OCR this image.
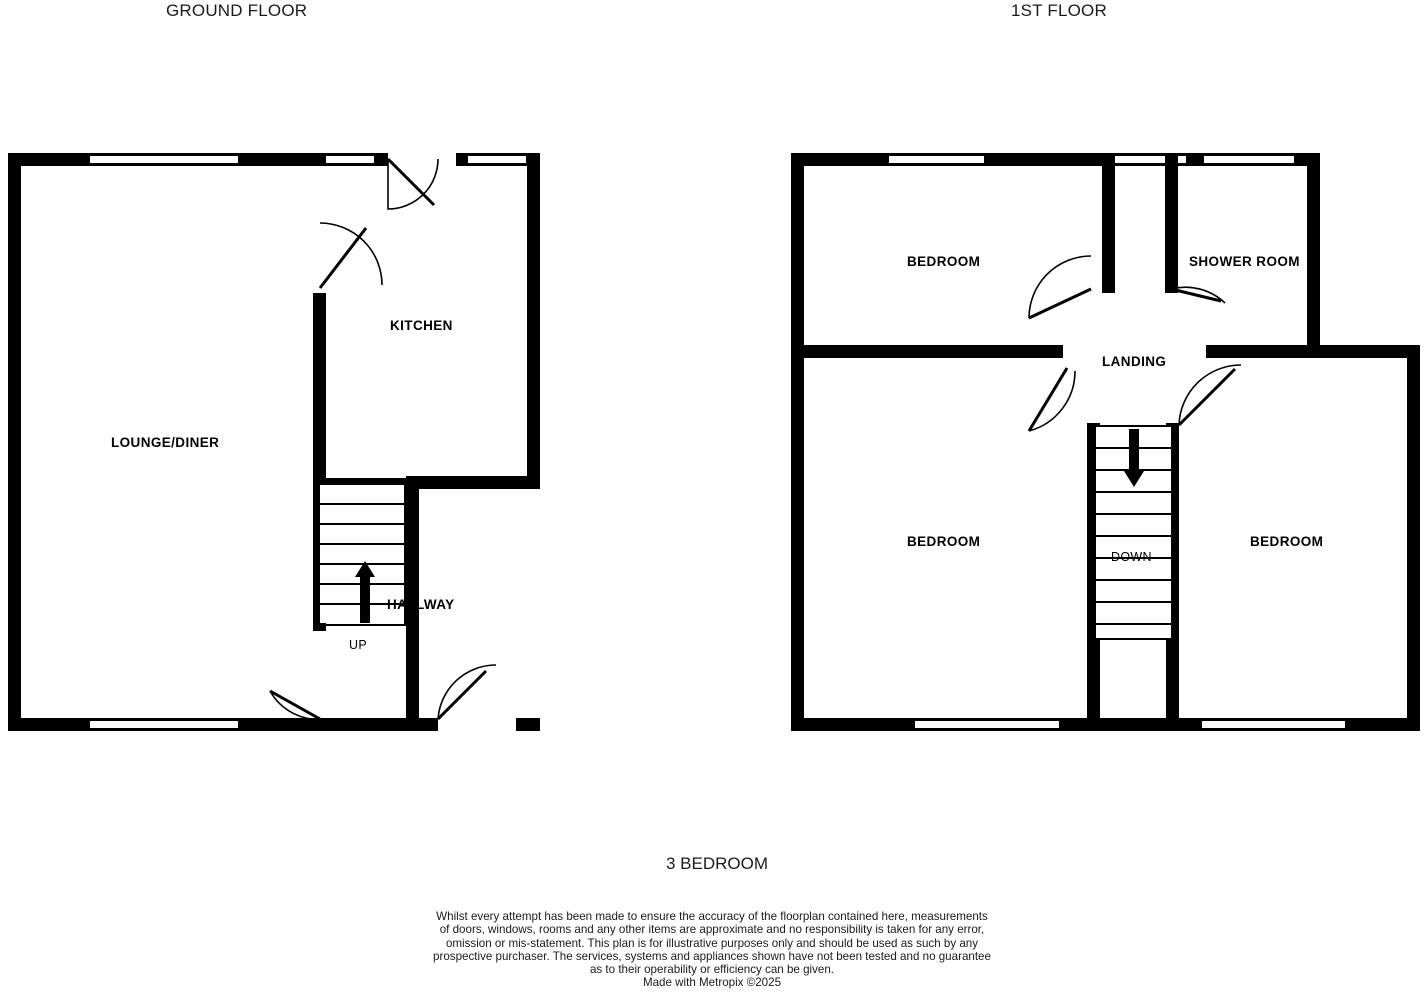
GROUND FLOOR	1ST FLOOR
LOUNGE/DINER
KITCHEN
HALLWAY
UP
BEDROOM	SHOWER ROOM
LANDING
DOWN
BEDROOM	BEDROOM
3 BEDROOM
Whilst every attempt has been made to ensure the accuracy of the floorplan contained here, measurements
of doors, windows, rooms and any other items are approximate and no responsibility is taken for any error,
omission or mis-statement. This plan is for illustrative purposes only and should be used as such by any
prospective purchaser. The services, systems and appliances shown have not been tested and no guarantee
as to their operability or efficiency can be given.
Made with Metropix ©2025
